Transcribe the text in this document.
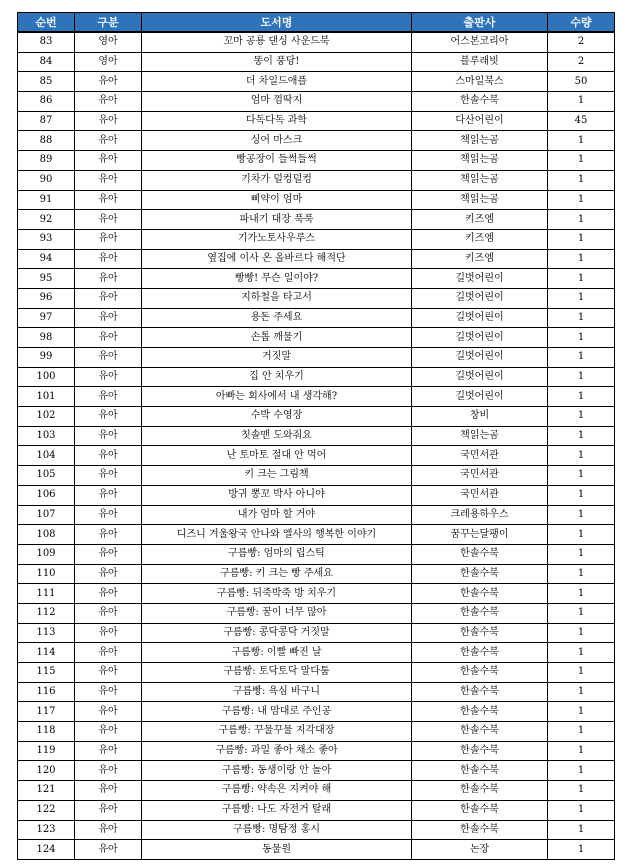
순번	구분	도서명	출판사	수량
83	영아	꼬마 공룡 댄싱 사운드북	어스본코리아	2
84	영아	똥이 풍당!	블루래빗	2
85	유아	더 차일드애플	스마일북스	50
86	유아	엄마 껌딱지	한솔수북	1
87	유아	다독다독 과학	다산어린이	45
88	유아	싱어 마스크	책읽는곰	1
89	유아	빵공장이 들썩들썩	책읽는곰	1
90	유아	기차가 덜컹덜컹	책읽는곰	1
91	유아	삐약이 엄마	책읽는곰	1
92	유아	파내기 대장 푹푹	키즈엠	1
93	유아	기가노토사우루스	키즈엠	1
94	유아	옆집에 이사 온 올바르다 해적단	키즈엠	1
95	유아	빵빵! 무슨 일이야?	길벗어린이	1
96	유아	지하철을 타고서	길벗어린이	1
97	유아	용돈 주세요	길벗어린이	1
98	유아	손톱 깨물기	길벗어린이	1
99	유아	거짓말	길벗어린이	1
100	유아	집 안 치우기	길벗어린이	1
101	유아	아빠는 회사에서 내 생각해?	길벗어린이	1
102	유아	수박 수영장	창비	1
103	유아	칫솔맨 도와줘요	책읽는곰	1
104	유아	난 토마토 절대 안 먹어	국민서관	1
105	유아	키 크는 그림책	국민서관	1
106	유아	방귀 뽕꼬 박사 아니야	국민서관	1
107	유아	내가 엄마 할 거야	크레용하우스	1
108	유아	디즈니 겨울왕국 안나와 엘사의 행복한 이야기	꿈꾸는달팽이	1
109	유아	구름빵: 엄마의 립스틱	한솔수북	1
110	유아	구름빵: 키 크는 빵 주세요	한솔수북	1
111	유아	구름빵: 뒤죽박죽 방 치우기	한솔수북	1
112	유아	구름빵: 꿈이 너무 많아	한솔수북	1
113	유아	구름빵: 콩닥콩닥 거짓말	한솔수북	1
114	유아	구름빵: 이빨 빠진 날	한솔수북	1
115	유아	구름빵: 토닥토닥 말다툼	한솔수북	1
116	유아	구름빵: 욕심 바구니	한솔수북	1
117	유아	구름빵: 내 맘대로 주인공	한솔수북	1
118	유아	구름빵: 꾸물꾸물 지각대장	한솔수북	1
119	유아	구름빵: 과일 좋아 채소 좋아	한솔수북	1
120	유아	구름빵: 동생이랑 안 놀아	한솔수북	1
121	유아	구름빵: 약속은 지켜야 해	한솔수북	1
122	유아	구름빵: 나도 자전거 탈래	한솔수북	1
123	유아	구름빵: 명탐정 홍시	한솔수북	1
124	유아	동물원	논장	1
